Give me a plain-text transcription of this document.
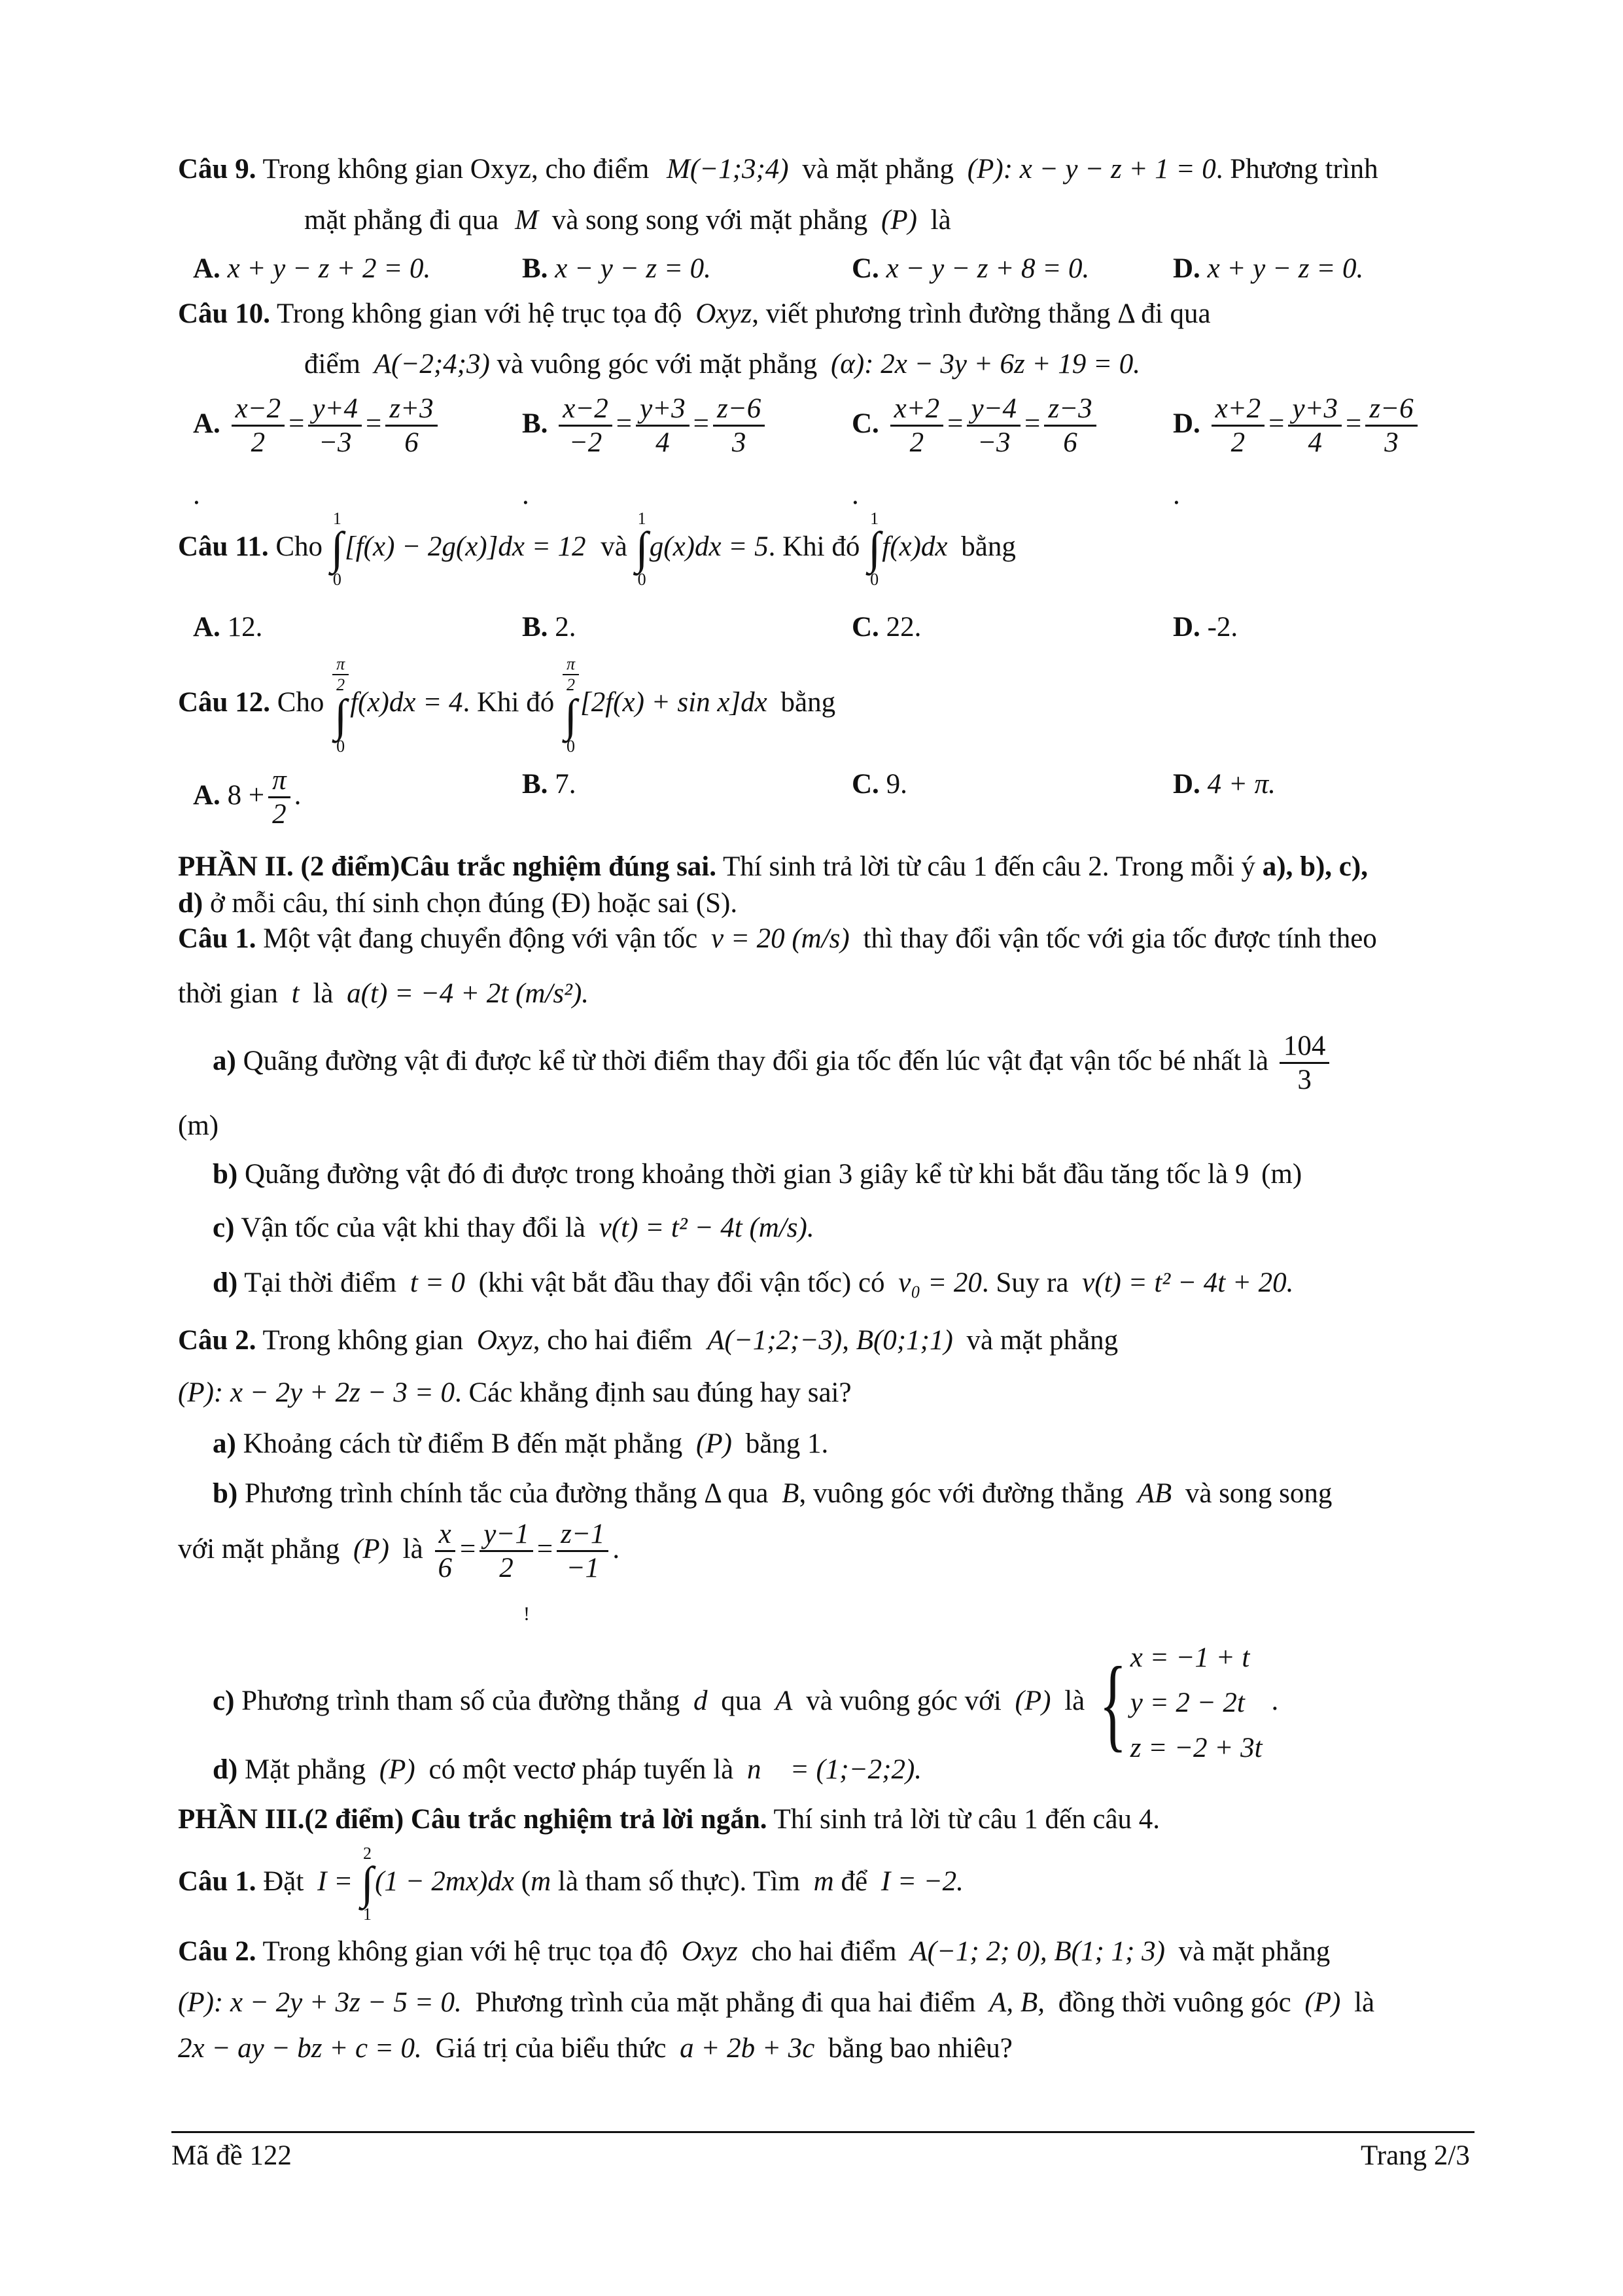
Câu 9. Trong không gian Oxyz, cho điểm M(−1;3;4) và mặt phẳng (P): x − y − z + 1 = 0. Phương trình
mặt phẳng đi qua M và song song với mặt phẳng (P) là
A. x + y − z + 2 = 0.	B. x − y − z = 0.	C. x − y − z + 8 = 0.	D. x + y − z = 0.
Câu 10. Trong không gian với hệ trục tọa độ Oxyz, viết phương trình đường thẳng Δ đi qua
điểm A(−2;4;3) và vuông góc với mặt phẳng (α): 2x − 3y + 6z + 19 = 0.
A. $\frac{x-2}{2} = \frac{y+4}{-3} = \frac{z+3}{6}$	B. $\frac{x-2}{-2} = \frac{y+3}{4} = \frac{z-6}{3}$	C. $\frac{x+2}{2} = \frac{y-4}{-3} = \frac{z-3}{6}$	D. $\frac{x+2}{2} = \frac{y+3}{4} = \frac{z-6}{3}$
.	.	.	.
Câu 11. Cho
1
∫
0
[f(x) − 2g(x)]dx = 12 và
1
∫
0
g(x)dx = 5. Khi đó
1
∫
0
f(x)dx bằng
A. 12.	B. 2.	C. 22.	D. -2.
Câu 12. Cho
$\frac{\pi}{2}$
∫
0
f(x)dx = 4. Khi đó
$\frac{\pi}{2}$
∫
0
[2f(x) + sin x]dx bằng
A. $8 + \frac{\pi}{2}$ .	B. 7.	C. 9.	D. 4 + π.
PHẦN II. (2 điểm)Câu trắc nghiệm đúng sai. Thí sinh trả lời từ câu 1 đến câu 2. Trong mỗi ý a), b), c),
d) ở mỗi câu, thí sinh chọn đúng (Đ) hoặc sai (S).
Câu 1. Một vật đang chuyển động với vận tốc v = 20 (m/s) thì thay đổi vận tốc với gia tốc được tính theo
thời gian t là a(t) = −4 + 2t (m/s²).
a) Quãng đường vật đi được kể từ thời điểm thay đổi gia tốc đến lúc vật đạt vận tốc bé nhất là $\frac{104}{3}$
(m)
b) Quãng đường vật đó đi được trong khoảng thời gian 3 giây kể từ khi bắt đầu tăng tốc là 9 (m)
c) Vận tốc của vật khi thay đổi là v(t) = t² − 4t (m/s).
d) Tại thời điểm t = 0 (khi vật bắt đầu thay đổi vận tốc) có v₀ = 20. Suy ra v(t) = t² − 4t + 20.
Câu 2. Trong không gian Oxyz, cho hai điểm A(−1;2;−3), B(0;1;1) và mặt phẳng
(P): x − 2y + 2z − 3 = 0. Các khẳng định sau đúng hay sai?
a) Khoảng cách từ điểm B đến mặt phẳng (P) bằng 1.
b) Phương trình chính tắc của đường thẳng Δ qua B, vuông góc với đường thẳng AB và song song
với mặt phẳng (P) là $\frac{x}{6} = \frac{y-1}{2} = \frac{z-1}{-1}$ .
!
c) Phương trình tham số của đường thẳng d qua A và vuông góc với (P) là { x = −1 + t
y = 2 − 2t
z = −2 + 3t
.
d) Mặt phẳng (P) có một vectơ pháp tuyến là n⃗ = (1;−2;2).
PHẦN III.(2 điểm) Câu trắc nghiệm trả lời ngắn. Thí sinh trả lời từ câu 1 đến câu 4.
Câu 1. Đặt I =
2
∫
1
(1 − 2mx)dx (m là tham số thực). Tìm m để I = −2.
Câu 2. Trong không gian với hệ trục tọa độ Oxyz cho hai điểm A(−1; 2; 0), B(1; 1; 3) và mặt phẳng
(P): x − 2y + 3z − 5 = 0. Phương trình của mặt phẳng đi qua hai điểm A, B, đồng thời vuông góc (P) là
2x − ay − bz + c = 0. Giá trị của biểu thức a + 2b + 3c bằng bao nhiêu?
Mã đề 122	Trang 2/3
